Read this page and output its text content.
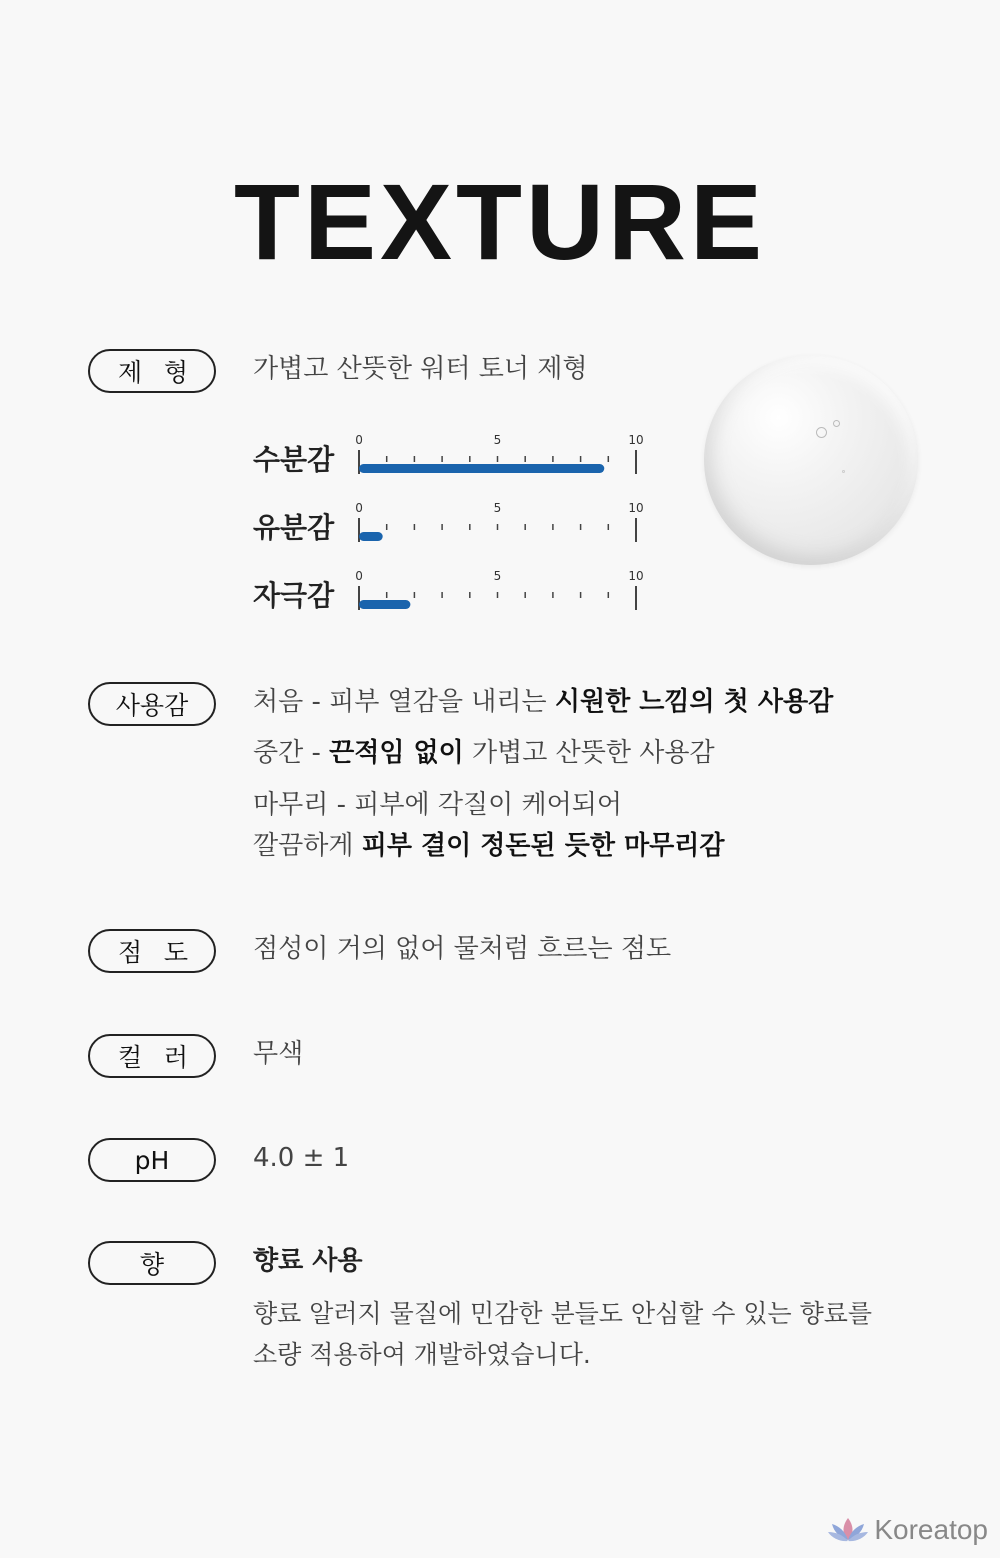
TEXTURE
제 형	가볍고 산뜻한 워터 토너 제형
수분감
0	5	10
유분감
0	5	10
자극감
0	5	10
사용감	처음 - 피부 열감을 내리는 시원한 느낌의 첫 사용감
중간 - 끈적임 없이 가볍고 산뜻한 사용감
마무리 - 피부에 각질이 케어되어
깔끔하게 피부 결이 정돈된 듯한 마무리감
점 도	점성이 거의 없어 물처럼 흐르는 점도
컬 러	무색
pH	4.0 ± 1
향	향료 사용
향료 알러지 물질에 민감한 분들도 안심할 수 있는 향료를
소량 적용하여 개발하였습니다.
Koreatop
